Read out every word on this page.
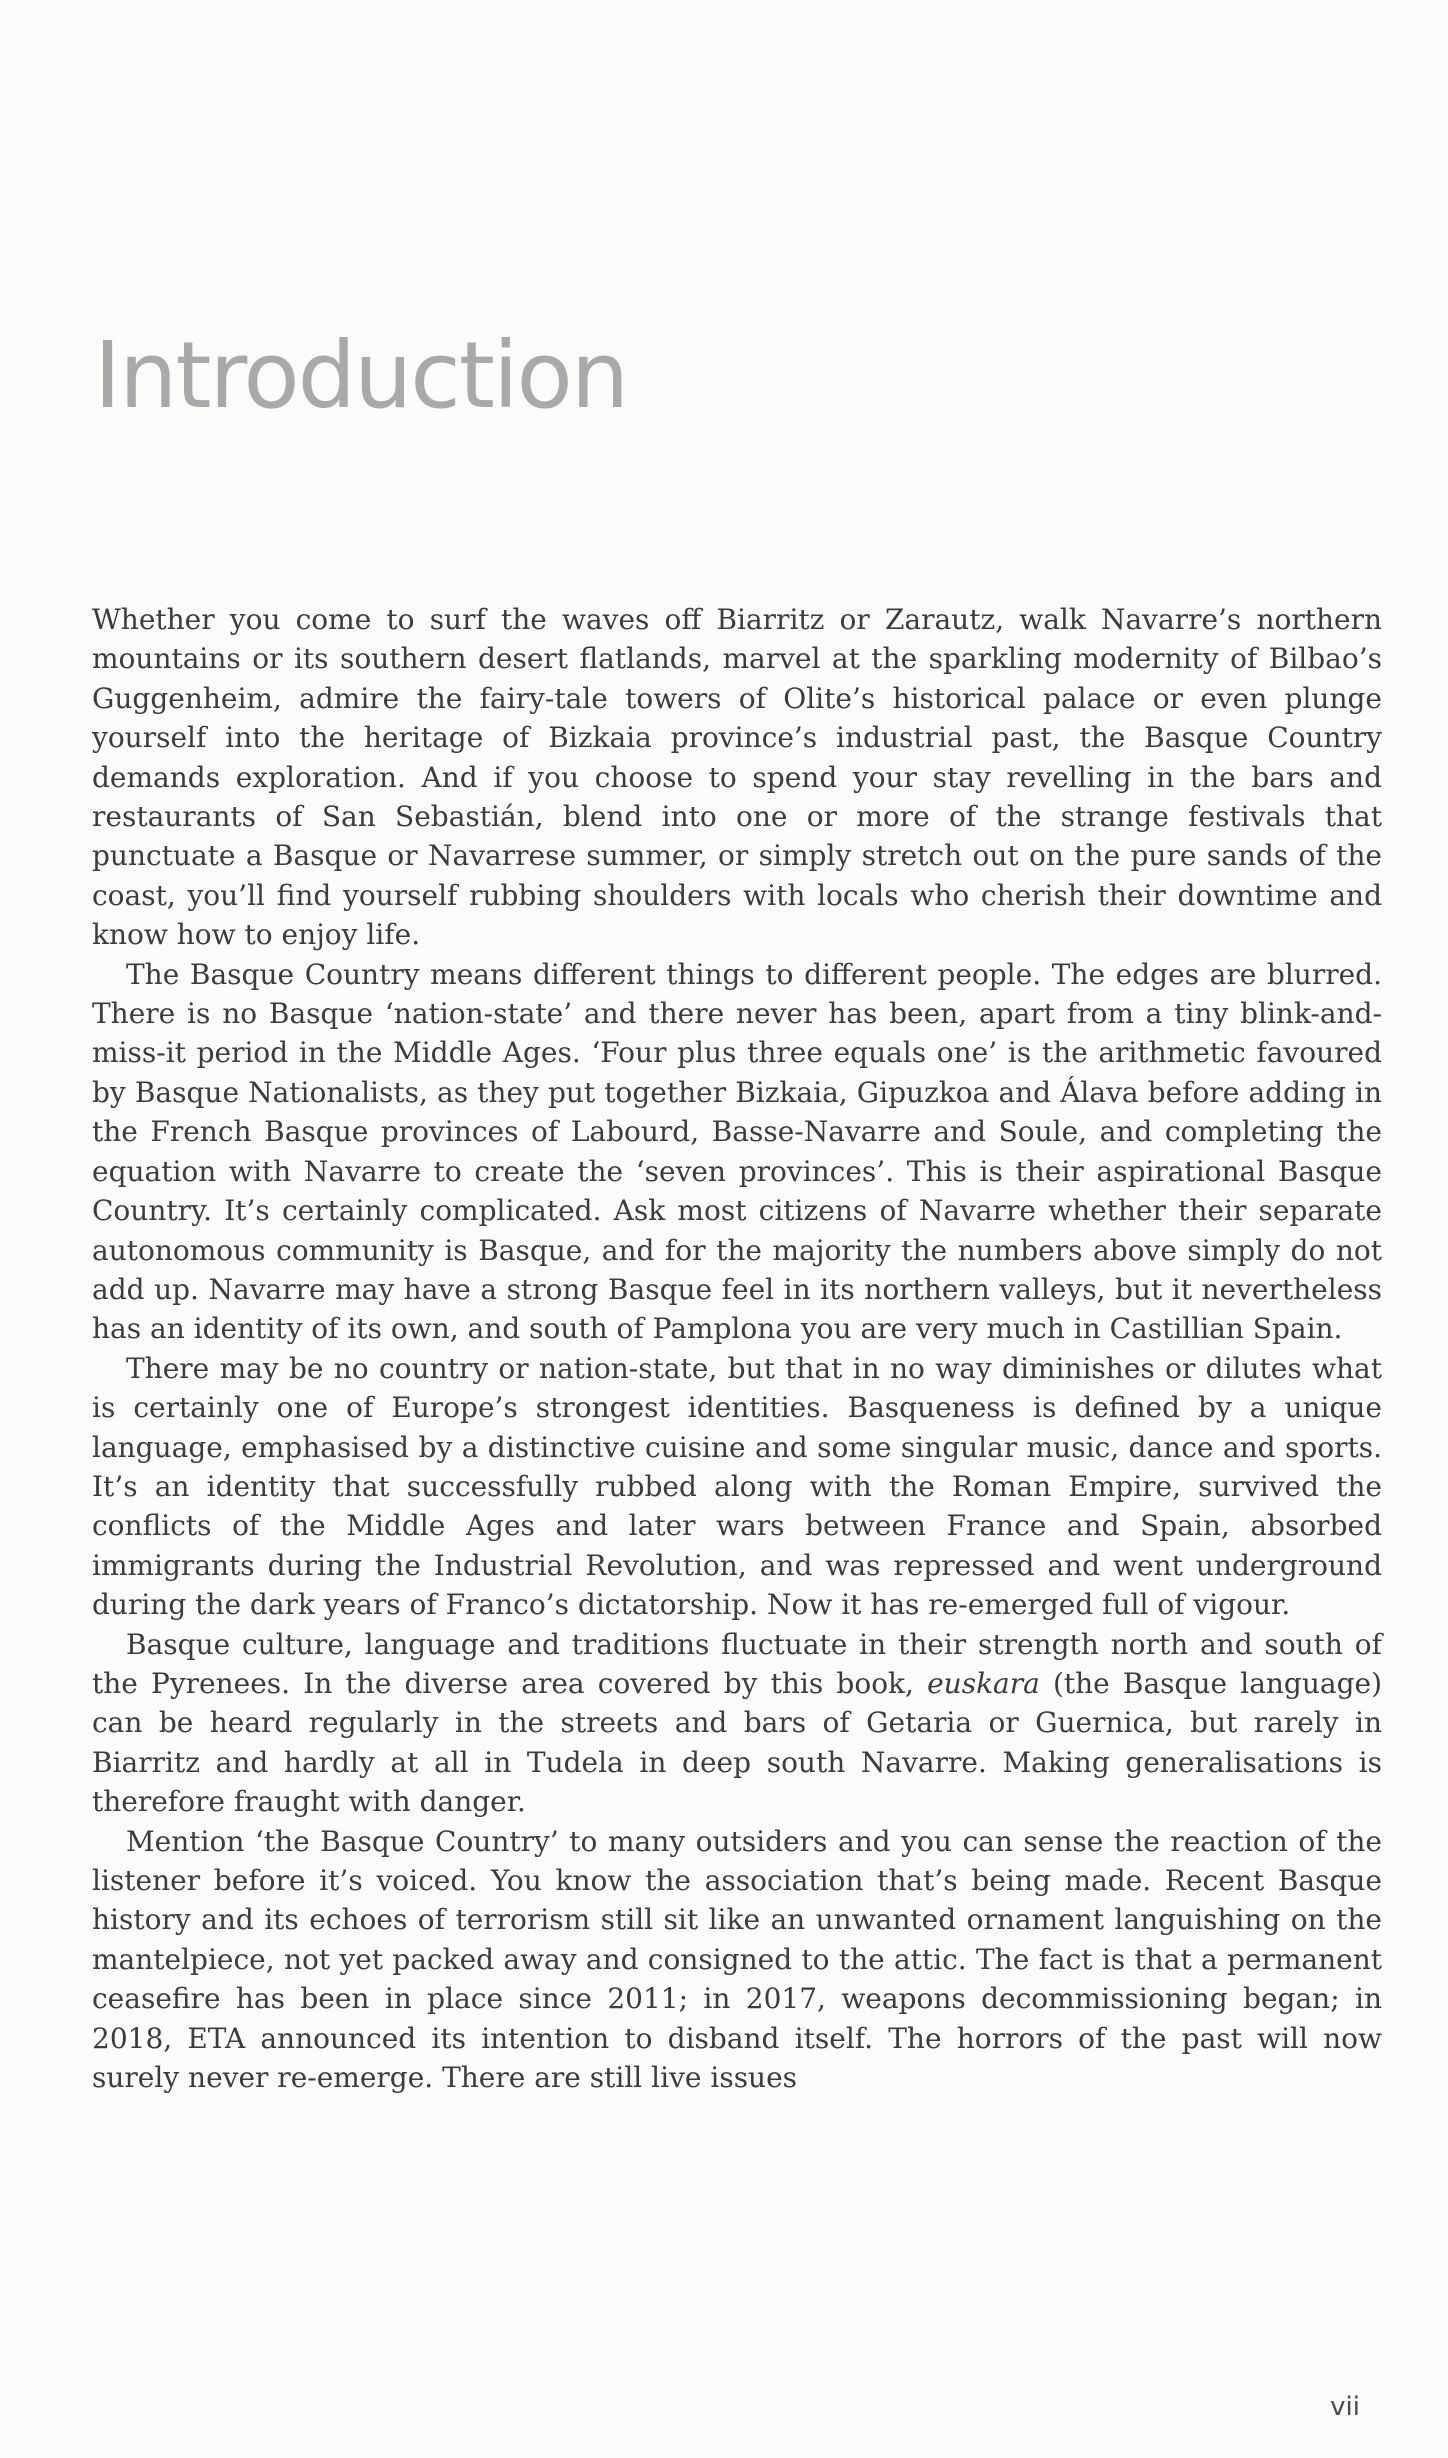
Introduction

Whether you come to surf the waves off Biarritz or Zarautz, walk Navarre’s northern mountains or its southern desert flatlands, marvel at the sparkling modernity of Bilbao’s Guggenheim, admire the fairy-tale towers of Olite’s historical palace or even plunge yourself into the heritage of Bizkaia province’s industrial past, the Basque Country demands exploration. And if you choose to spend your stay revelling in the bars and restaurants of San Sebastián, blend into one or more of the strange festivals that punctuate a Basque or Navarrese summer, or simply stretch out on the pure sands of the coast, you’ll find yourself rubbing shoulders with locals who cherish their downtime and know how to enjoy life.

The Basque Country means different things to different people. The edges are blurred. There is no Basque ‘nation-state’ and there never has been, apart from a tiny blink-and-miss-it period in the Middle Ages. ‘Four plus three equals one’ is the arithmetic favoured by Basque Nationalists, as they put together Bizkaia, Gipuzkoa and Álava before adding in the French Basque provinces of Labourd, Basse-Navarre and Soule, and completing the equation with Navarre to create the ‘seven provinces’. This is their aspirational Basque Country. It’s certainly complicated. Ask most citizens of Navarre whether their separate autonomous community is Basque, and for the majority the numbers above simply do not add up. Navarre may have a strong Basque feel in its northern valleys, but it nevertheless has an identity of its own, and south of Pamplona you are very much in Castillian Spain.

There may be no country or nation-state, but that in no way diminishes or dilutes what is certainly one of Europe’s strongest identities. Basqueness is defined by a unique language, emphasised by a distinctive cuisine and some singular music, dance and sports. It’s an identity that successfully rubbed along with the Roman Empire, survived the conflicts of the Middle Ages and later wars between France and Spain, absorbed immigrants during the Industrial Revolution, and was repressed and went underground during the dark years of Franco’s dictatorship. Now it has re-emerged full of vigour.

Basque culture, language and traditions fluctuate in their strength north and south of the Pyrenees. In the diverse area covered by this book, euskara (the Basque language) can be heard regularly in the streets and bars of Getaria or Guernica, but rarely in Biarritz and hardly at all in Tudela in deep south Navarre. Making generalisations is therefore fraught with danger.

Mention ‘the Basque Country’ to many outsiders and you can sense the reaction of the listener before it’s voiced. You know the association that’s being made. Recent Basque history and its echoes of terrorism still sit like an unwanted ornament languishing on the mantelpiece, not yet packed away and consigned to the attic. The fact is that a permanent ceasefire has been in place since 2011; in 2017, weapons decommissioning began; in 2018, ETA announced its intention to disband itself. The horrors of the past will now surely never re-emerge. There are still live issues

vii
